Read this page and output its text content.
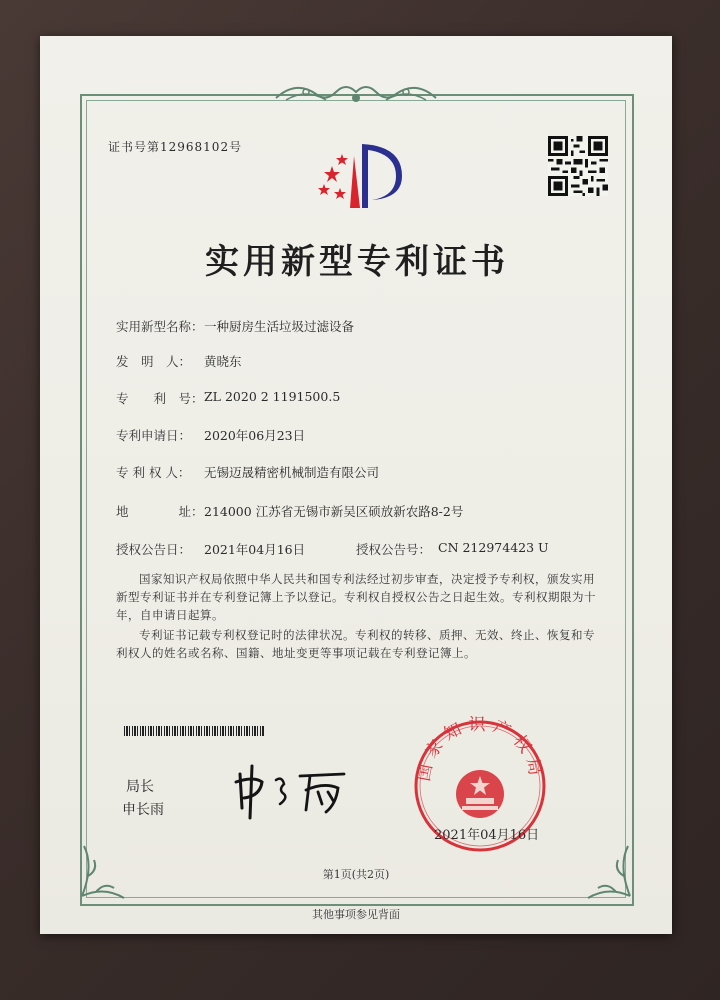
证书号第12968102号
实用新型专利证书
实用新型名称： 一种厨房生活垃圾过滤设备
发　明　人： 黄晓东
专　　利　号： ZL 2020 2 1191500.5
专利申请日： 2020年06月23日
专 利 权 人： 无锡迈晟精密机械制造有限公司
地　　　　址： 214000 江苏省无锡市新吴区硕放新农路8-2号
授权公告日： 2021年04月16日	授权公告号： CN 212974423 U
国家知识产权局依照中华人民共和国专利法经过初步审查，决定授予专利权，颁发实用新型专利证书并在专利登记簿上予以登记。专利权自授权公告之日起生效。专利权期限为十年，自申请日起算。
专利证书记载专利权登记时的法律状况。专利权的转移、质押、无效、终止、恢复和专利权人的姓名或名称、国籍、地址变更等事项记载在专利登记簿上。
局长
申长雨
国家知识产权局
2021年04月16日
第1页(共2页)
其他事项参见背面
